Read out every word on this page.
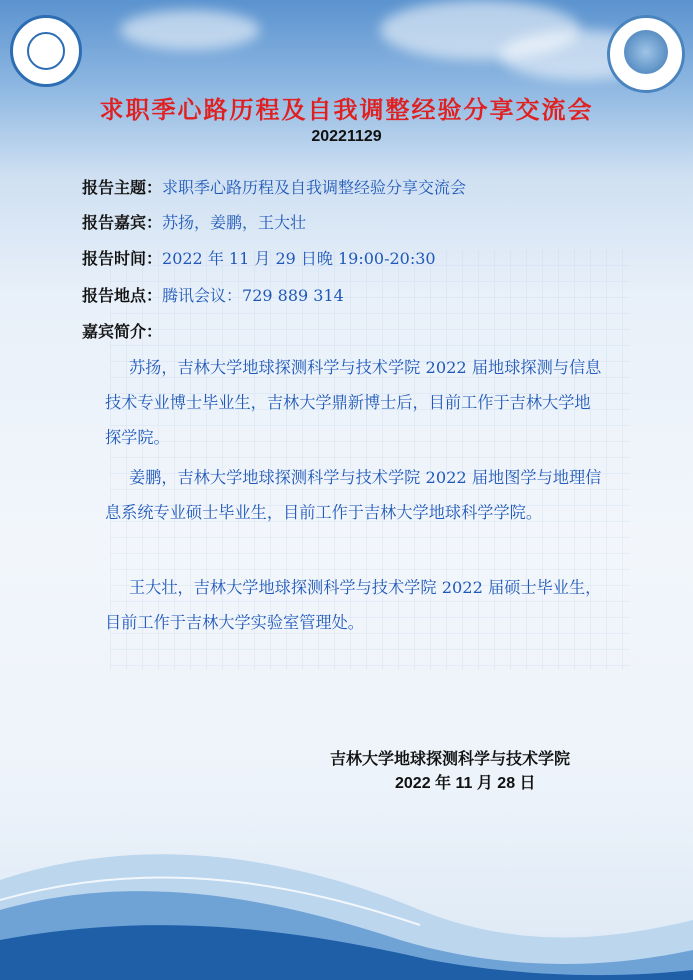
求职季心路历程及自我调整经验分享交流会
20221129
报告主题：求职季心路历程及自我调整经验分享交流会
报告嘉宾：苏扬，姜鹏，王大壮
报告时间：2022 年 11 月 29 日晚 19:00-20:30
报告地点：腾讯会议：729 889 314
嘉宾简介：
苏扬，吉林大学地球探测科学与技术学院 2022 届地球探测与信息技术专业博士毕业生，吉林大学鼎新博士后，目前工作于吉林大学地探学院。
姜鹏，吉林大学地球探测科学与技术学院 2022 届地图学与地理信息系统专业硕士毕业生，目前工作于吉林大学地球科学学院。
王大壮，吉林大学地球探测科学与技术学院 2022 届硕士毕业生，目前工作于吉林大学实验室管理处。
吉林大学地球探测科学与技术学院
2022 年 11 月 28 日
